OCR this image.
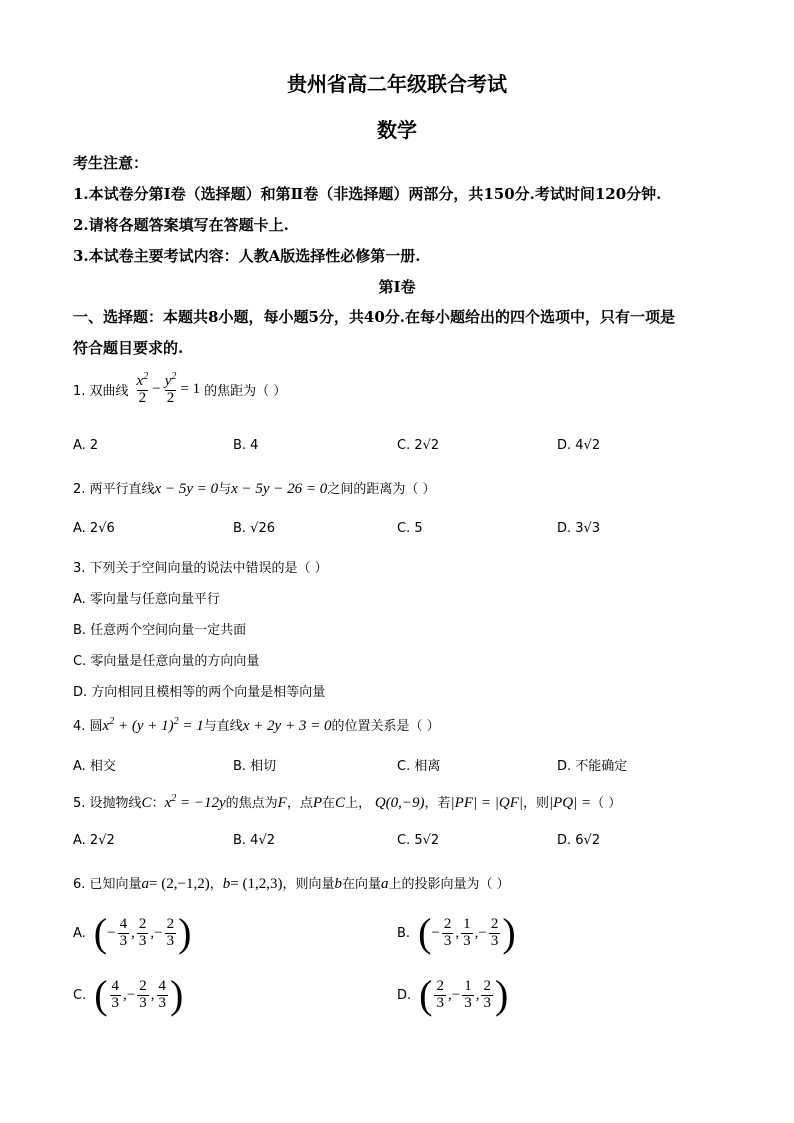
贵州省高二年级联合考试
数学
考生注意：
1.本试卷分第Ⅰ卷（选择题）和第Ⅱ卷（非选择题）两部分，共150分.考试时间120分钟.
2.请将各题答案填写在答题卡上.
3.本试卷主要考试内容：人教A版选择性必修第一册.
第Ⅰ卷
一、选择题：本题共8小题，每小题5分，共40分.在每小题给出的四个选项中，只有一项是
符合题目要求的.
1. 双曲线 $\frac{x^2}{2} - \frac{y^2}{2} = 1$ 的焦距为（ ）
A. 2	B. 4	C. 2√2	D. 4√2
2. 两平行直线x − 5y = 0与x − 5y − 26 = 0之间的距离为（ ）
A. 2√6	B. √26	C. 5	D. 3√3
3. 下列关于空间向量的说法中错误的是（ ）
A. 零向量与任意向量平行
B. 任意两个空间向量一定共面
C. 零向量是任意向量的方向向量
D. 方向相同且模相等的两个向量是相等向量
4. 圆$x^2 + (y + 1)^2 = 1$与直线x + 2y + 3 = 0的位置关系是（ ）
A. 相交	B. 相切	C. 相离	D. 不能确定
5. 设抛物线C：$x^2 = -12y$的焦点为F，点P在C上， Q(0,−9)，若|PF| = |QF|，则|PQ| =（ ）
A. 2√2	B. 4√2	C. 5√2	D. 6√2
6. 已知向量a= (2,−1,2)，b= (1,2,3)，则向量b在向量a上的投影向量为（ ）
A. ( − $\frac{4}{3}$ , $\frac{2}{3}$ ,− $\frac{2}{3}$ )	B. ( − $\frac{2}{3}$ , $\frac{1}{3}$ ,− $\frac{2}{3}$ )
C. ( $\frac{4}{3}$ ,− $\frac{2}{3}$ , $\frac{4}{3}$ )	D. ( $\frac{2}{3}$ ,− $\frac{1}{3}$ , $\frac{2}{3}$ )
